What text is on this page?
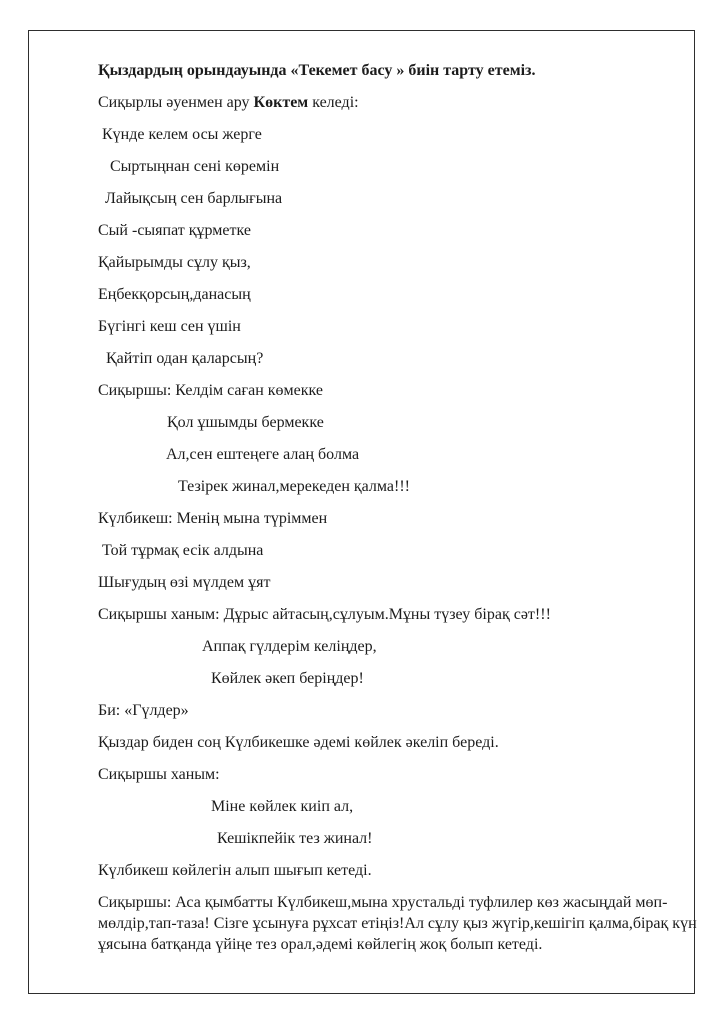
Қыздардың орындауында «Текемет басу » биін тарту етеміз.

Сиқырлы әуенмен ару Көктем келеді:

Күнде келем осы жерге

Сыртыңнан сені көремін

Лайықсың сен барлығына

Сый -сыяпат құрметке

Қайырымды сұлу қыз,

Еңбекқорсың,данасың

Бүгінгі кеш сен үшін

Қайтіп одан қаларсың?

Сиқыршы: Келдім саған көмекке

Қол ұшымды бермекке

Ал,сен ештеңеге алаң болма

Тезірек жинал,мерекеден қалма!!!

Күлбикеш: Менің мына түріммен

Той тұрмақ есік алдына

Шығудың өзі мүлдем ұят

Сиқыршы ханым: Дұрыс айтасың,сұлуым.Мұны түзеу бірақ сәт!!!

Аппақ гүлдерім келіңдер,

Көйлек әкеп беріңдер!

Би: «Гүлдер»

Қыздар биден соң Күлбикешке әдемі көйлек әкеліп береді.

Сиқыршы ханым:

Міне көйлек киіп ал,

Кешікпейік тез жинал!

Күлбикеш көйлегін алып шығып кетеді.

Сиқыршы: Аса қымбатты Күлбикеш,мына хрустальді туфлилер көз жасыңдай мөп-
мөлдір,тап-таза! Сізге ұсынуға рұхсат етіңіз!Ал сұлу қыз жүгір,кешігіп қалма,бірақ күн
ұясына батқанда үйіңе тез орал,әдемі көйлегің жоқ болып кетеді.
